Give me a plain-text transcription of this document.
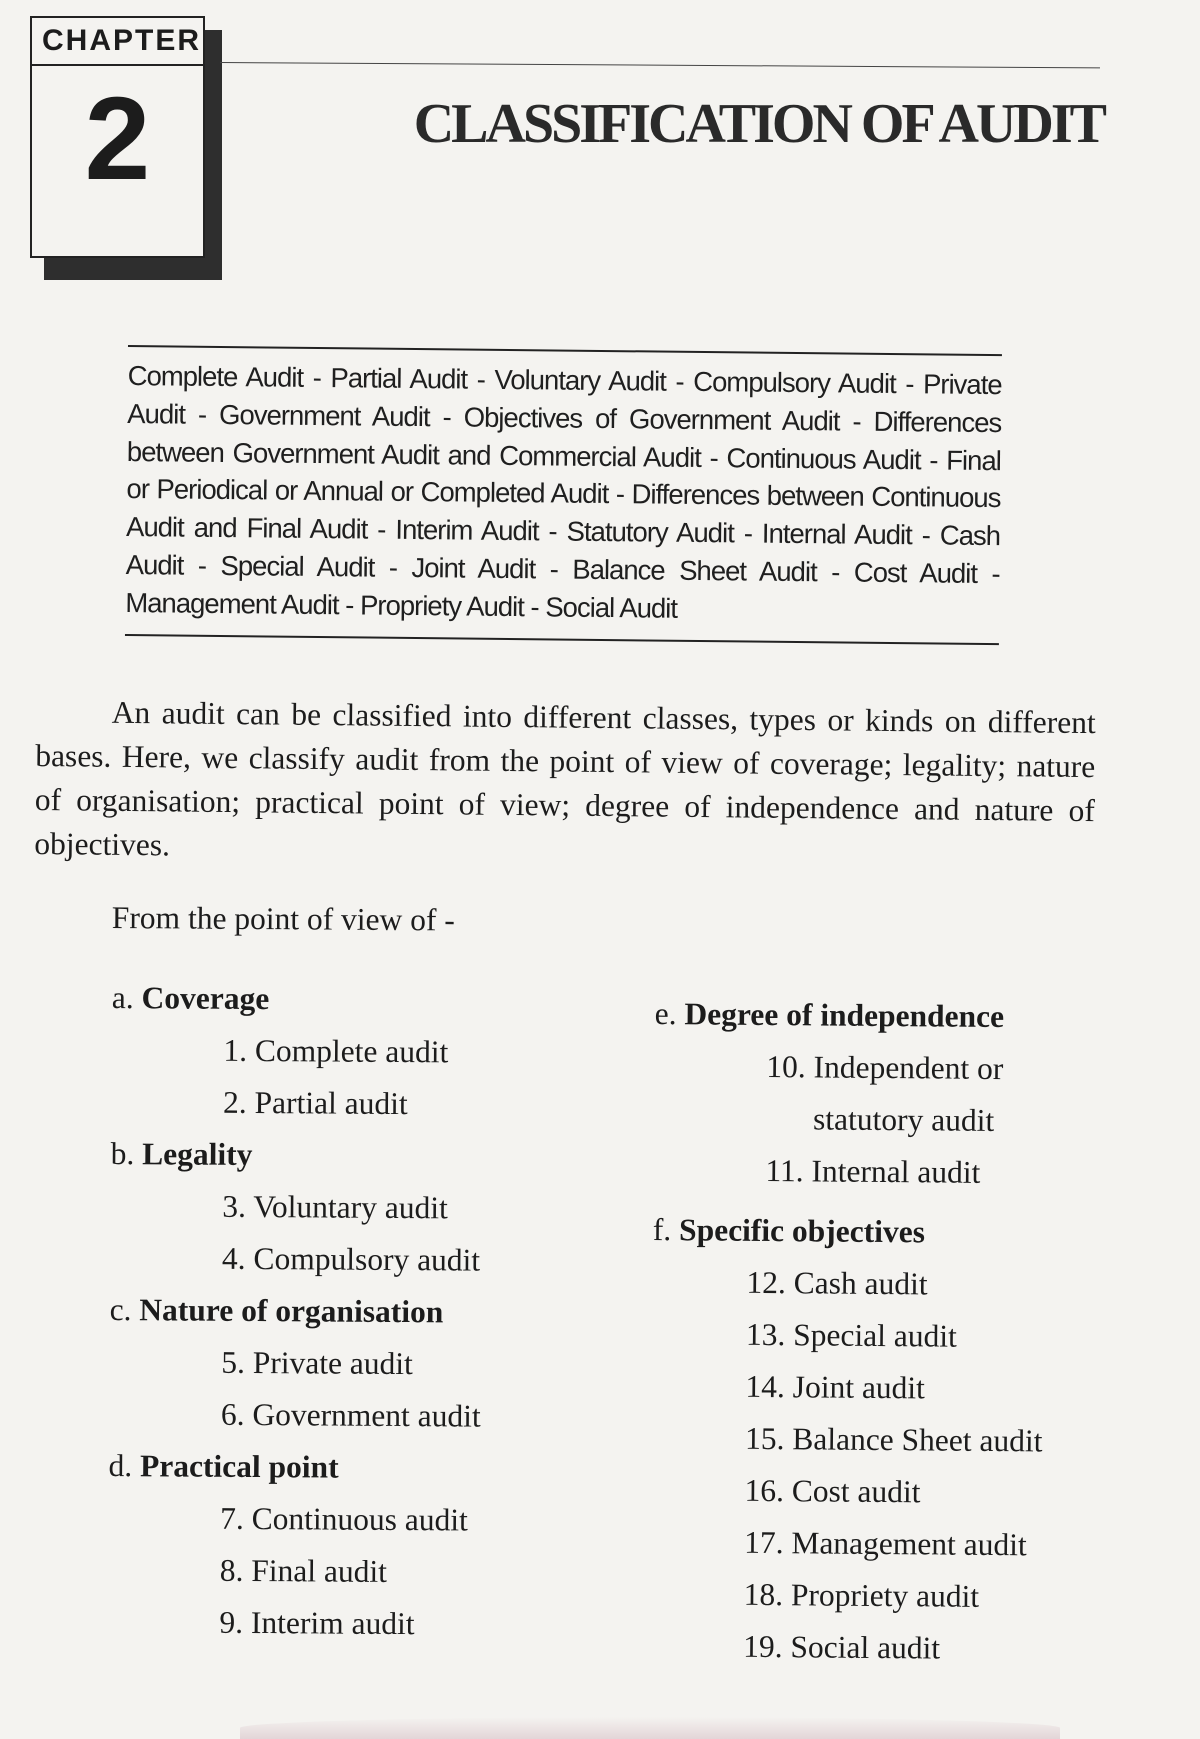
CHAPTER
2	CLASSIFICATION OF AUDIT
Complete Audit - Partial Audit - Voluntary Audit - Compulsory Audit - Private Audit - Government Audit - Objectives of Government Audit - Differences between Government Audit and Commercial Audit - Continuous Audit - Final or Periodical or Annual or Completed Audit - Differences between Continuous Audit and Final Audit - Interim Audit - Statutory Audit - Internal Audit - Cash Audit - Special Audit - Joint Audit - Balance Sheet Audit - Cost Audit - Management Audit - Propriety Audit - Social Audit

An audit can be classified into different classes, types or kinds on different bases. Here, we classify audit from the point of view of coverage; legality; nature of organisation; practical point of view; degree of independence and nature of objectives.

From the point of view of -
a. Coverage
1. Complete audit
2. Partial audit
b. Legality
3. Voluntary audit
4. Compulsory audit
c. Nature of organisation
5. Private audit
6. Government audit
d. Practical point
7. Continuous audit
8. Final audit
9. Interim audit
e. Degree of independence
10. Independent or statutory audit
11. Internal audit
f. Specific objectives
12. Cash audit
13. Special audit
14. Joint audit
15. Balance Sheet audit
16. Cost audit
17. Management audit
18. Propriety audit
19. Social audit
